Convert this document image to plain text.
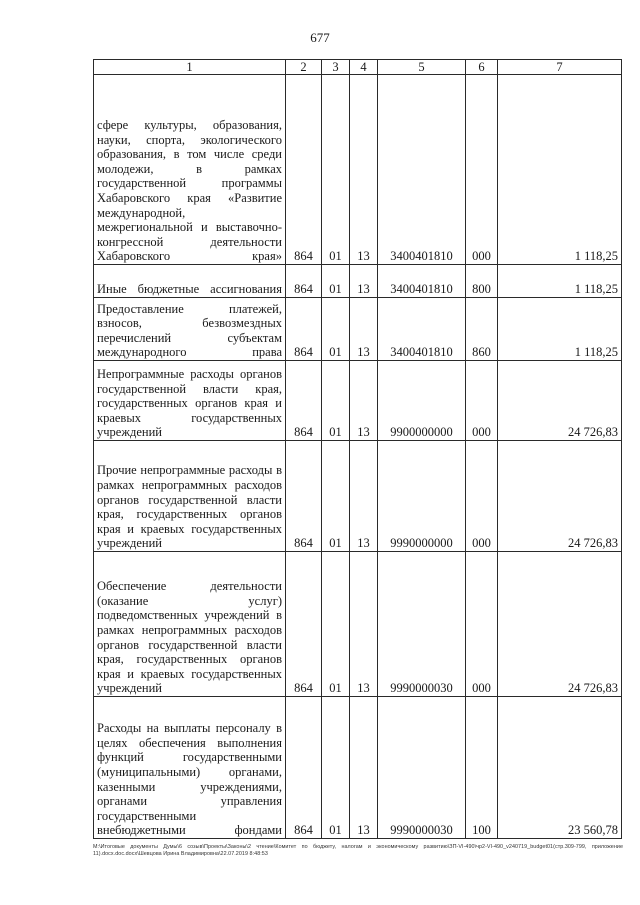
677
1	2	3	4	5	6	7
сфере культуры, образования, науки, спорта, экологического образования, в том числе среди молодежи, в рамках государственной программы Хабаровского края «Развитие международной, межрегиональной и выставочно-конгрессной деятельности Хабаровского края»	864	01	13	3400401810	000	1 118,25
Иные бюджетные ассигнования	864	01	13	3400401810	800	1 118,25
Предоставление платежей, взносов, безвозмездных перечислений субъектам международного права	864	01	13	3400401810	860	1 118,25
Непрограммные расходы органов государственной власти края, государственных органов края и краевых государственных учреждений	864	01	13	9900000000	000	24 726,83
Прочие непрограммные расходы в рамках непрограммных расходов органов государственной власти края, государственных органов края и краевых государственных учреждений	864	01	13	9990000000	000	24 726,83
Обеспечение деятельности (оказание услуг) подведомственных учреждений в рамках непрограммных расходов органов государственной власти края, государственных органов края и краевых государственных учреждений	864	01	13	9990000030	000	24 726,83
Расходы на выплаты персоналу в целях обеспечения выполнения функций государственными (муниципальными) органами, казенными учреждениями, органами управления государственными внебюджетными фондами	864	01	13	9990000030	100	23 560,78
M:\Итоговые документы Думы\6 созыв\Проекты\Законы\2 чтение\Комитет по бюджету, налогам и экономическому развитию\ЗП-VI-490\чр2-VI-490_v240719_budget01(стр.309-799, приложение 11).docx.doc.docx\Шевцова Ирина Владимировна\22.07.2019 8:48:53
